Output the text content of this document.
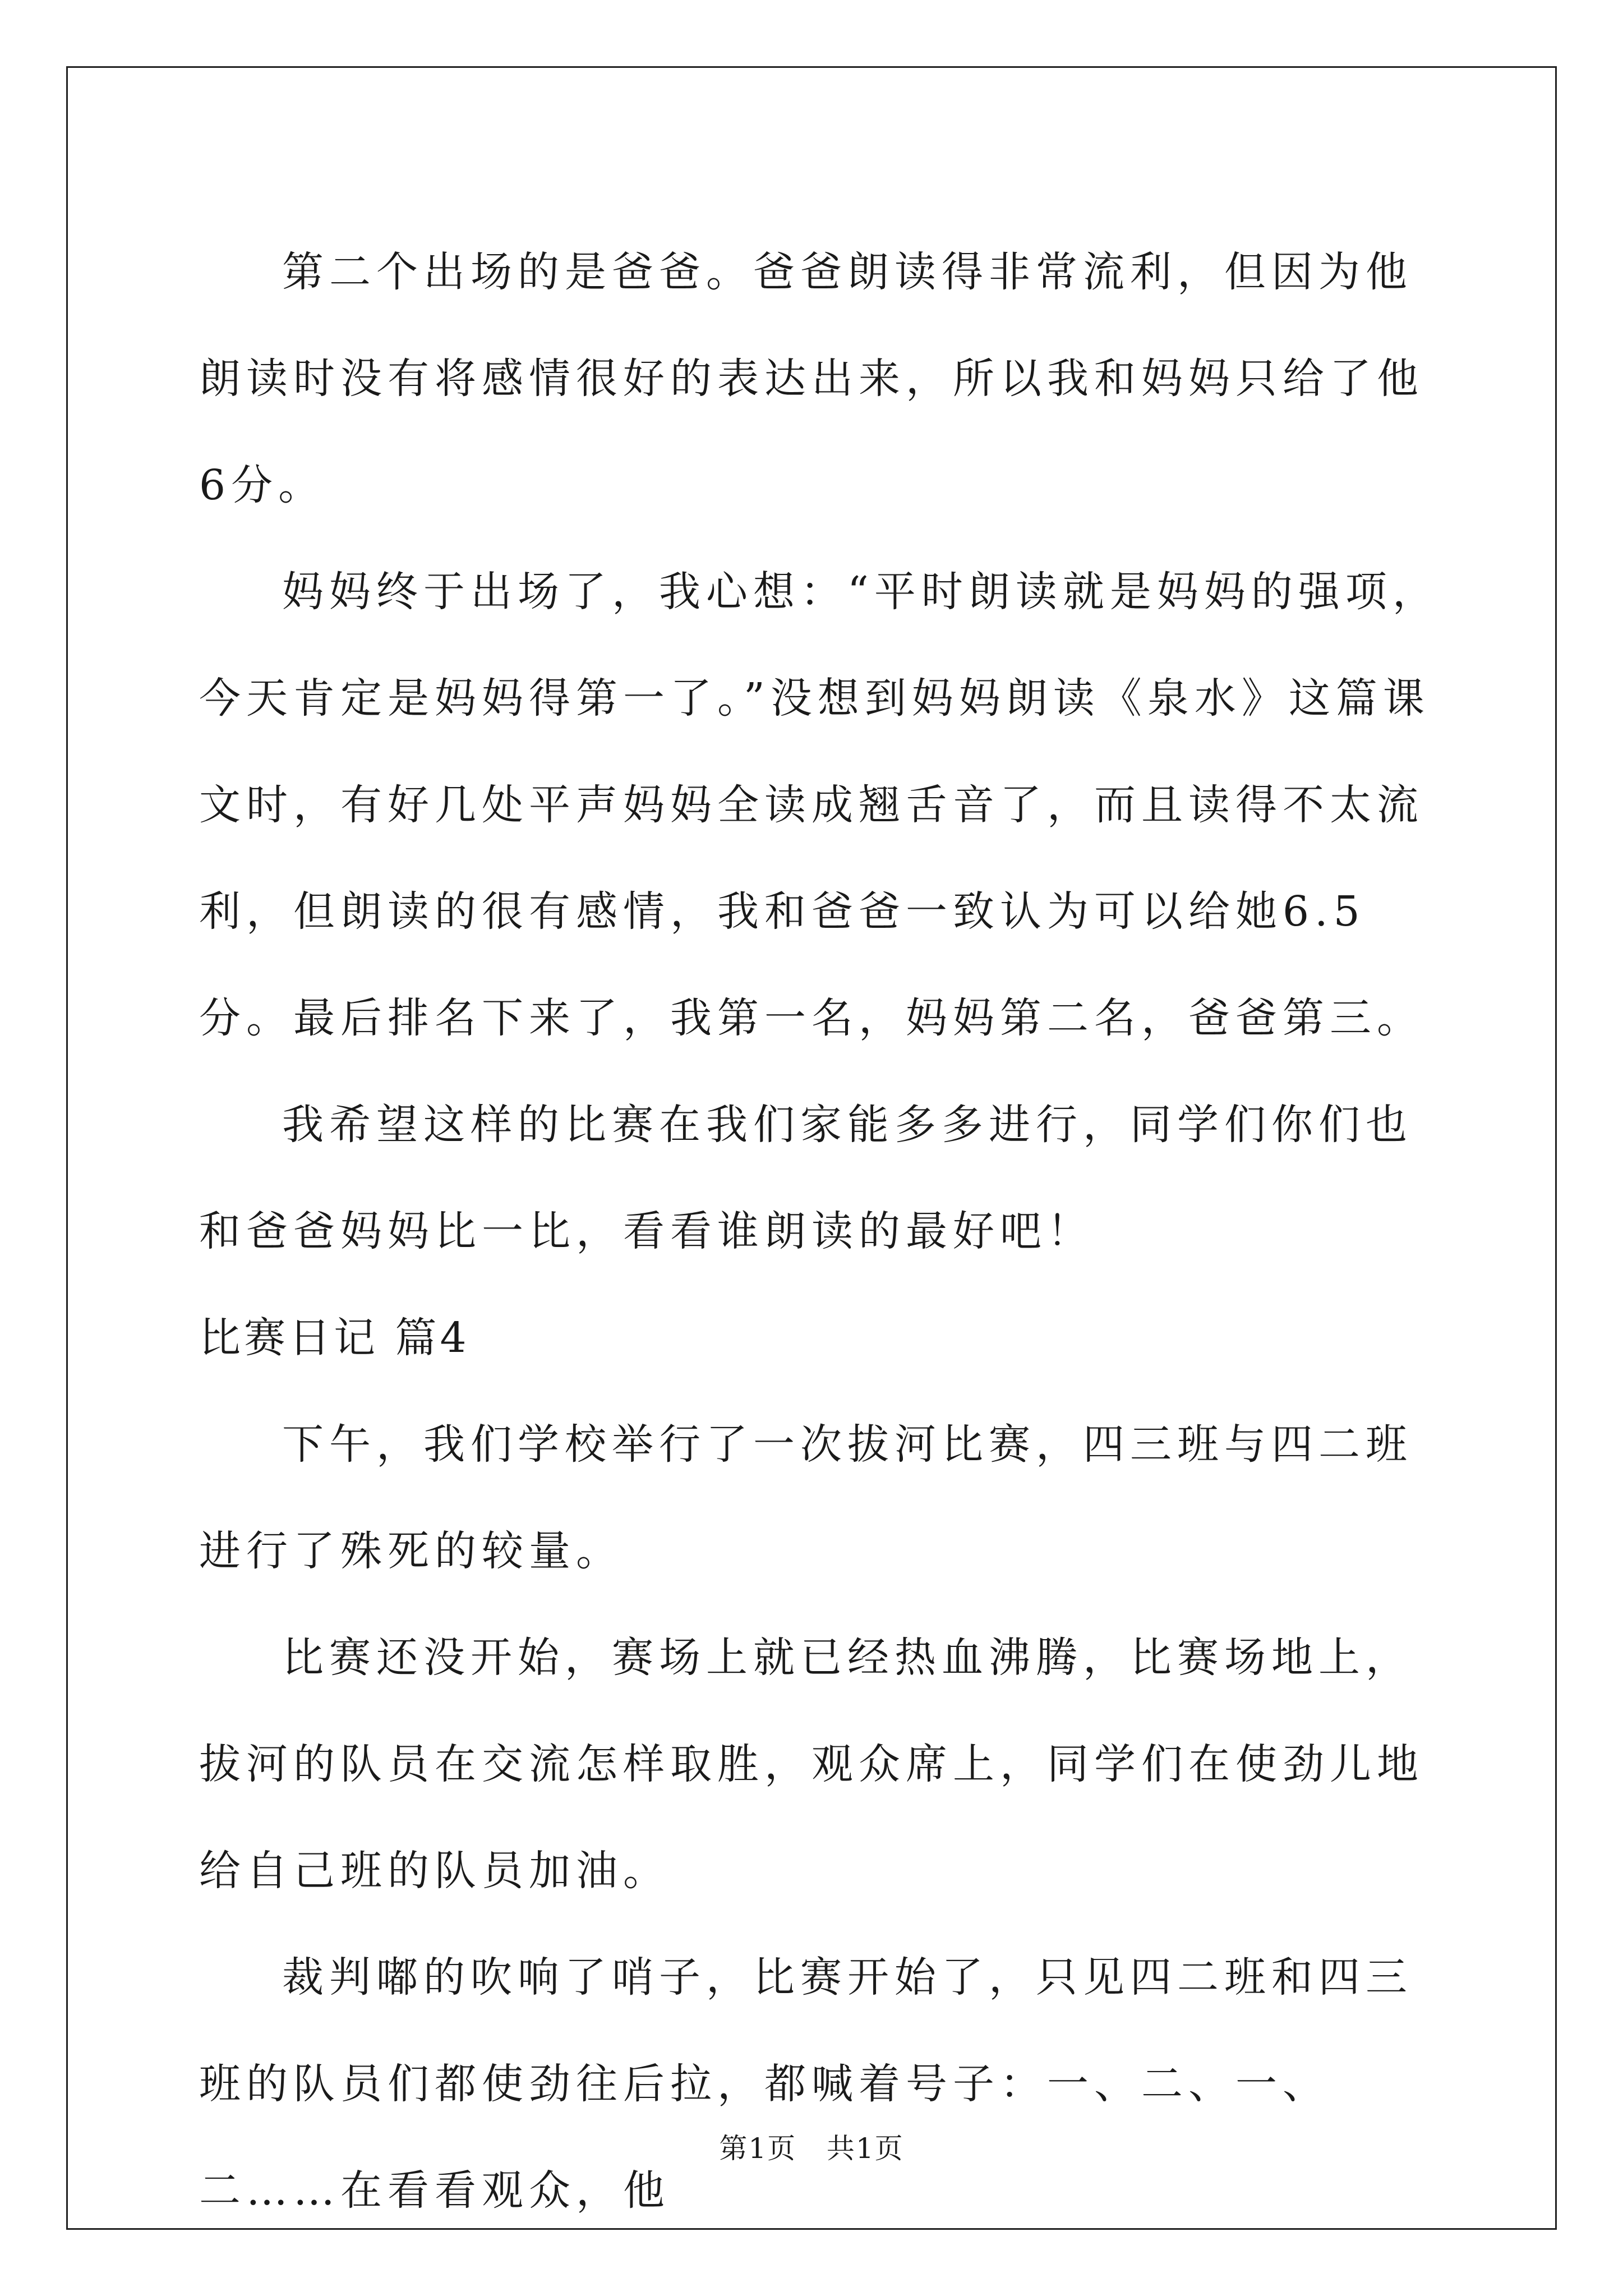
第二个出场的是爸爸。爸爸朗读得非常流利，但因为他朗读时没有将感情很好的表达出来，所以我和妈妈只给了他6分。

妈妈终于出场了，我心想：“平时朗读就是妈妈的强项，今天肯定是妈妈得第一了。”没想到妈妈朗读《泉水》这篇课文时，有好几处平声妈妈全读成翘舌音了，而且读得不太流利，但朗读的很有感情，我和爸爸一致认为可以给她6.5分。最后排名下来了，我第一名，妈妈第二名，爸爸第三。

我希望这样的比赛在我们家能多多进行，同学们你们也和爸爸妈妈比一比，看看谁朗读的最好吧！

比赛日记 篇4

下午，我们学校举行了一次拔河比赛，四三班与四二班进行了殊死的较量。

比赛还没开始，赛场上就已经热血沸腾，比赛场地上，拔河的队员在交流怎样取胜，观众席上，同学们在使劲儿地给自己班的队员加油。

裁判嘟的吹响了哨子，比赛开始了，只见四二班和四三班的队员们都使劲往后拉，都喊着号子：一、二、一、二……在看看观众，他

第1页   共1页
